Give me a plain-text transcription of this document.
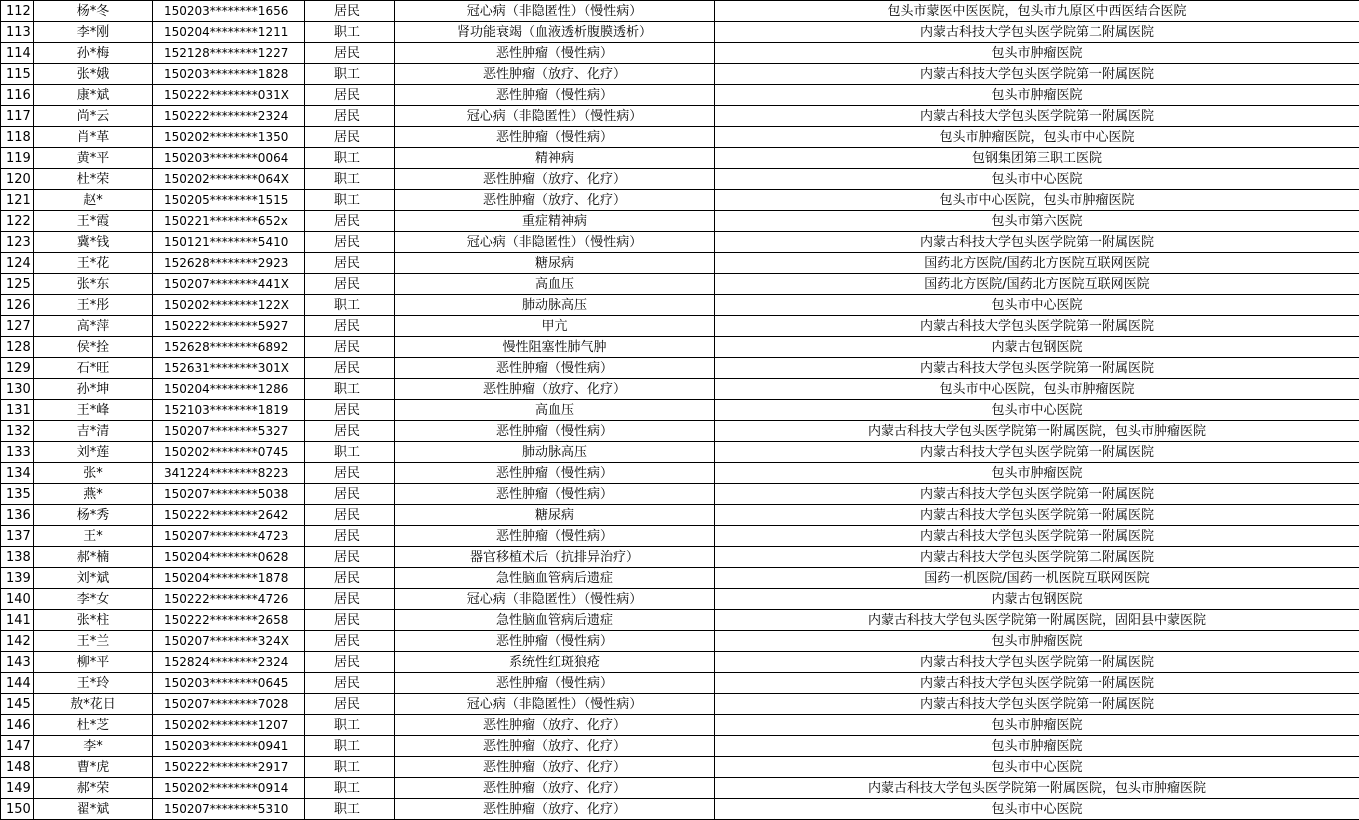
112	杨*冬	150203********1656	居民	冠心病（非隐匿性）（慢性病）	包头市蒙医中医医院，包头市九原区中西医结合医院
113	李*刚	150204********1211	职工	肾功能衰竭（血液透析腹膜透析）	内蒙古科技大学包头医学院第二附属医院
114	孙*梅	152128********1227	居民	恶性肿瘤（慢性病）	包头市肿瘤医院
115	张*娥	150203********1828	职工	恶性肿瘤（放疗、化疗）	内蒙古科技大学包头医学院第一附属医院
116	康*斌	150222********031X	居民	恶性肿瘤（慢性病）	包头市肿瘤医院
117	尚*云	150222********2324	居民	冠心病（非隐匿性）（慢性病）	内蒙古科技大学包头医学院第一附属医院
118	肖*革	150202********1350	居民	恶性肿瘤（慢性病）	包头市肿瘤医院，包头市中心医院
119	黄*平	150203********0064	职工	精神病	包钢集团第三职工医院
120	杜*荣	150202********064X	职工	恶性肿瘤（放疗、化疗）	包头市中心医院
121	赵*	150205********1515	职工	恶性肿瘤（放疗、化疗）	包头市中心医院，包头市肿瘤医院
122	王*霞	150221********652x	居民	重症精神病	包头市第六医院
123	冀*钱	150121********5410	居民	冠心病（非隐匿性）（慢性病）	内蒙古科技大学包头医学院第一附属医院
124	王*花	152628********2923	居民	糖尿病	国药北方医院/国药北方医院互联网医院
125	张*东	150207********441X	居民	高血压	国药北方医院/国药北方医院互联网医院
126	王*彤	150202********122X	职工	肺动脉高压	包头市中心医院
127	高*萍	150222********5927	居民	甲亢	内蒙古科技大学包头医学院第一附属医院
128	侯*拴	152628********6892	居民	慢性阻塞性肺气肿	内蒙古包钢医院
129	石*旺	152631********301X	居民	恶性肿瘤（慢性病）	内蒙古科技大学包头医学院第一附属医院
130	孙*坤	150204********1286	职工	恶性肿瘤（放疗、化疗）	包头市中心医院，包头市肿瘤医院
131	王*峰	152103********1819	居民	高血压	包头市中心医院
132	吉*清	150207********5327	居民	恶性肿瘤（慢性病）	内蒙古科技大学包头医学院第一附属医院，包头市肿瘤医院
133	刘*莲	150202********0745	职工	肺动脉高压	内蒙古科技大学包头医学院第一附属医院
134	张*	341224********8223	居民	恶性肿瘤（慢性病）	包头市肿瘤医院
135	燕*	150207********5038	居民	恶性肿瘤（慢性病）	内蒙古科技大学包头医学院第一附属医院
136	杨*秀	150222********2642	居民	糖尿病	内蒙古科技大学包头医学院第一附属医院
137	王*	150207********4723	居民	恶性肿瘤（慢性病）	内蒙古科技大学包头医学院第一附属医院
138	郝*楠	150204********0628	居民	器官移植术后（抗排异治疗）	内蒙古科技大学包头医学院第二附属医院
139	刘*斌	150204********1878	居民	急性脑血管病后遗症	国药一机医院/国药一机医院互联网医院
140	李*女	150222********4726	居民	冠心病（非隐匿性）（慢性病）	内蒙古包钢医院
141	张*柱	150222********2658	居民	急性脑血管病后遗症	内蒙古科技大学包头医学院第一附属医院，固阳县中蒙医院
142	王*兰	150207********324X	居民	恶性肿瘤（慢性病）	包头市肿瘤医院
143	柳*平	152824********2324	居民	系统性红斑狼疮	内蒙古科技大学包头医学院第一附属医院
144	王*玲	150203********0645	居民	恶性肿瘤（慢性病）	内蒙古科技大学包头医学院第一附属医院
145	敖*花日	150207********7028	居民	冠心病（非隐匿性）（慢性病）	内蒙古科技大学包头医学院第一附属医院
146	杜*芝	150202********1207	职工	恶性肿瘤（放疗、化疗）	包头市肿瘤医院
147	李*	150203********0941	职工	恶性肿瘤（放疗、化疗）	包头市肿瘤医院
148	曹*虎	150222********2917	职工	恶性肿瘤（放疗、化疗）	包头市中心医院
149	郝*荣	150202********0914	职工	恶性肿瘤（放疗、化疗）	内蒙古科技大学包头医学院第一附属医院，包头市肿瘤医院
150	翟*斌	150207********5310	职工	恶性肿瘤（放疗、化疗）	包头市中心医院
